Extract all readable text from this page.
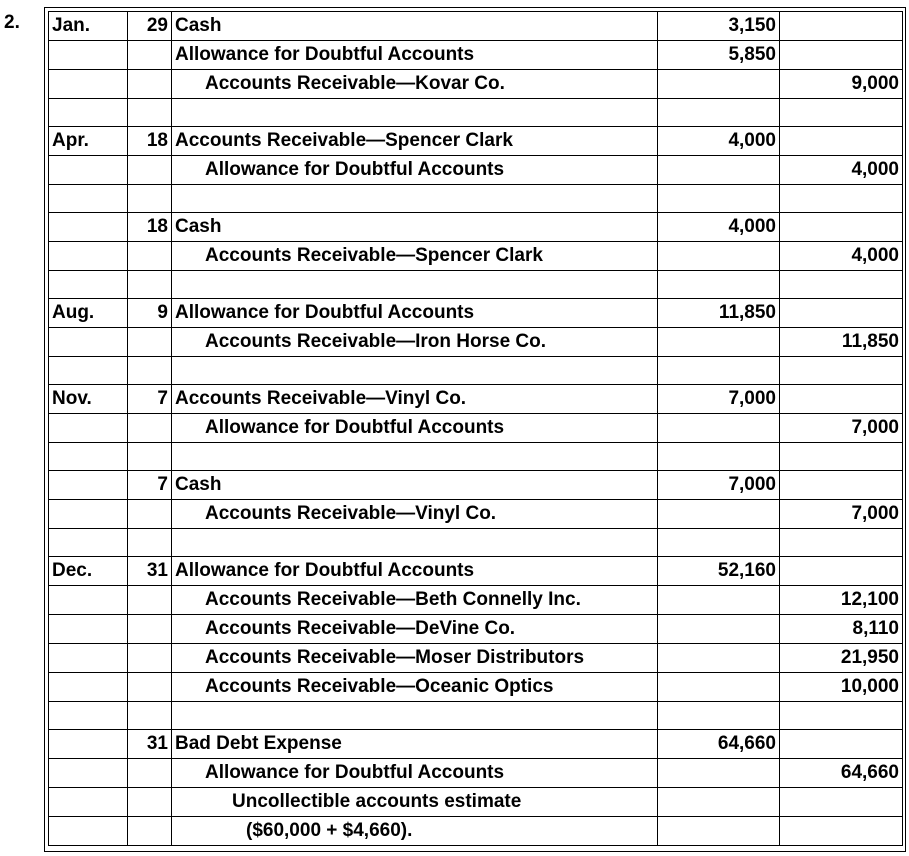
2. Jan.	29	Cash	3,150	
		Allowance for Doubtful Accounts	5,850	
		Accounts Receivable—Kovar Co.		9,000

Apr.	18	Accounts Receivable—Spencer Clark	4,000	
		Allowance for Doubtful Accounts		4,000

	18	Cash	4,000	
		Accounts Receivable—Spencer Clark		4,000

Aug.	9	Allowance for Doubtful Accounts	11,850	
		Accounts Receivable—Iron Horse Co.		11,850

Nov.	7	Accounts Receivable—Vinyl Co.	7,000	
		Allowance for Doubtful Accounts		7,000

	7	Cash	7,000	
		Accounts Receivable—Vinyl Co.		7,000

Dec.	31	Allowance for Doubtful Accounts	52,160	
		Accounts Receivable—Beth Connelly Inc.		12,100
		Accounts Receivable—DeVine Co.		8,110
		Accounts Receivable—Moser Distributors		21,950
		Accounts Receivable—Oceanic Optics		10,000

	31	Bad Debt Expense	64,660	
		Allowance for Doubtful Accounts		64,660
		Uncollectible accounts estimate		
		($60,000 + $4,660).		
